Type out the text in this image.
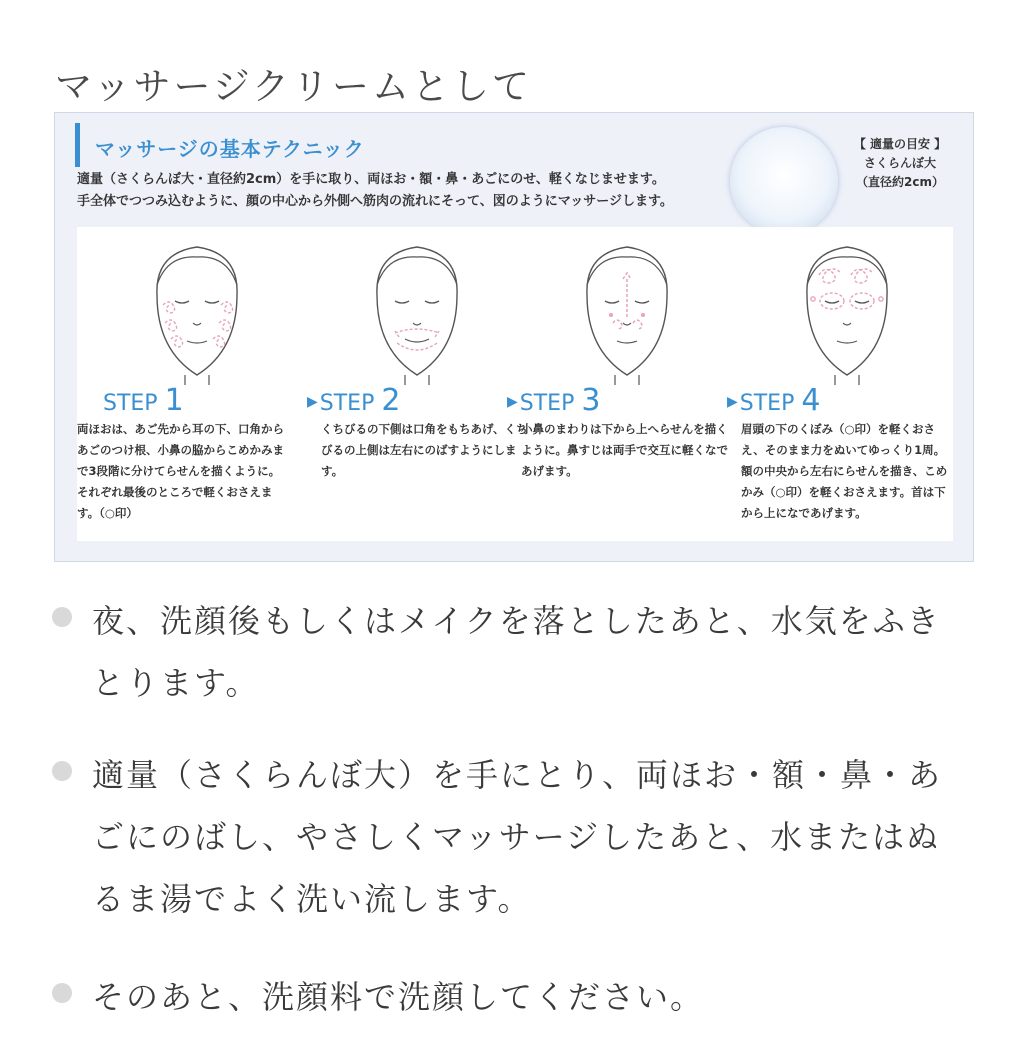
マッサージクリームとして
マッサージの基本テクニック
適量（さくらんぼ大・直径約2cm）を手に取り、両ほお・額・鼻・あごにのせ、軽くなじませます。
手全体でつつみ込むように、顔の中心から外側へ筋肉の流れにそって、図のようにマッサージします。
【 適量の目安 】
さくらんぼ大
（直径約2cm）
STEP 1
両ほおは、あご先から耳の下、口角からあごのつけ根、小鼻の脇からこめかみまで3段階に分けてらせんを描くように。それぞれ最後のところで軽くおさえます。（○印）
▶STEP 2
くちびるの下側は口角をもちあげ、くちびるの上側は左右にのばすようにします。
▶STEP 3
小鼻のまわりは下から上へらせんを描くように。鼻すじは両手で交互に軽くなであげます。
▶STEP 4
眉頭の下のくぼみ（○印）を軽くおさえ、そのまま力をぬいてゆっくり1周。額の中央から左右にらせんを描き、こめかみ（○印）を軽くおさえます。首は下から上になであげます。
夜、洗顔後もしくはメイクを落としたあと、水気をふきとります。
適量（さくらんぼ大）を手にとり、両ほお・額・鼻・あごにのばし、やさしくマッサージしたあと、水またはぬるま湯でよく洗い流します。
そのあと、洗顔料で洗顔してください。
